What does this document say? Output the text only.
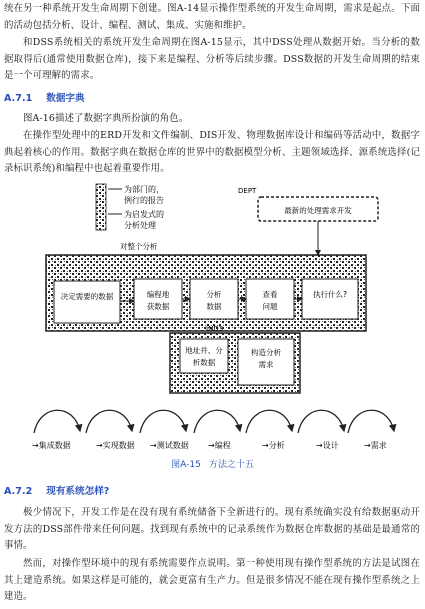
统在另一种系统开发生命周期下创建。图A-14显示操作型系统的开发生命周期，需求是起点。下面的活动包括分析、设计、编程、测试、集成、实施和维护。

和DSS系统相关的系统开发生命周期在图A-15显示，其中DSS处理从数据开始。当分析的数据取得后(通常使用数据仓库)，接下来是编程、分析等后续步骤。DSS数据的开发生命周期的结束是一个可理解的需求。

A.7.1 数据字典

图A-16描述了数据字典所扮演的角色。

在操作型处理中的ERD开发和文件编制、DIS开发、物理数据库设计和编码等活动中，数据字典起着核心的作用。数据字典在数据仓库的世界中的数据模型分析、主题领域选择、源系统选择(记录标识系统)和编程中也起着重要作用。

为部门的，
例行的报告
为启发式的
分析处理
DEPT
最新的处理需求开发
对整个分析
决定需要的数据	编程地
获数据
分析
数据
查看
问题
执行什么?
IND3
地址并、分
析数据
构造分析
需求
→集成数据	→实现数据 →测试数据 →编程	→分析	→设计	→需求
图A-15 方法之十五
A.7.2 现有系统怎样?

极少情况下，开发工作是在没有现有系统储备下全新进行的。现有系统确实没有给数据驱动开发方法的DSS部件带来任何问题。找到现有系统中的记录系统作为数据仓库数据的基础是最通常的事情。

然而，对操作型环境中的现有系统需要作点说明。第一种使用现有操作型系统的方法是试图在其上建造系统。如果这样是可能的，就会更富有生产力。但是很多情况不能在现有操作型系统之上建造。
